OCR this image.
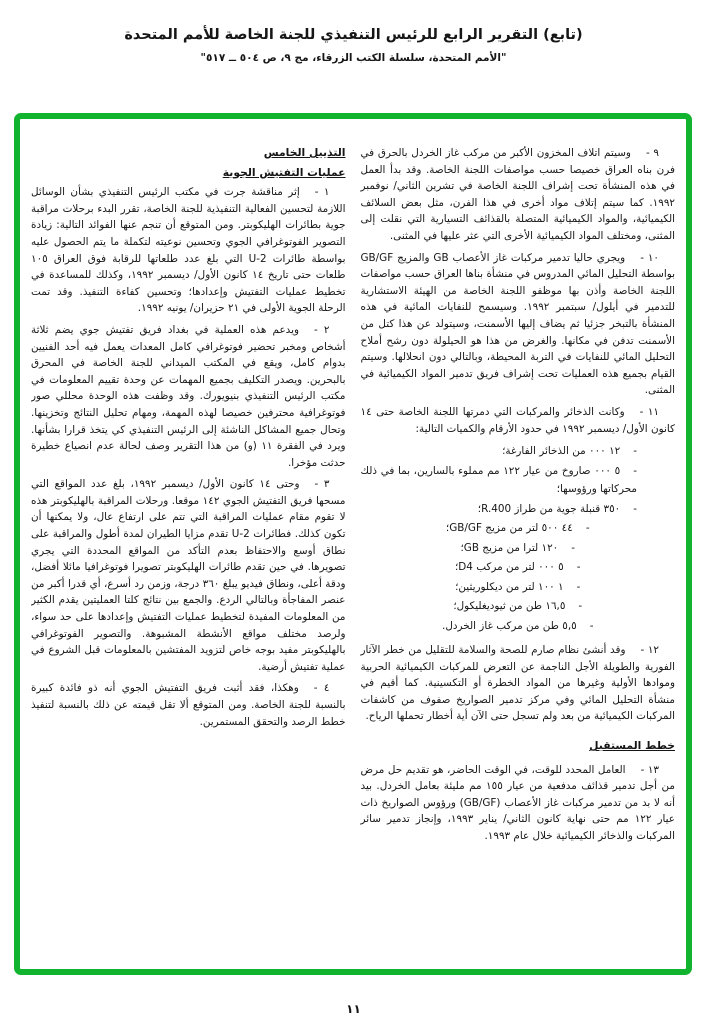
(تابع) التقرير الرابع للرئيس التنفيذي للجنة الخاصة للأمم المتحدة
"الأمم المتحدة، سلسلة الكتب الزرقاء، مج ٩، ص ٥٠٤ ــ ٥١٧"

٩ -وسيتم اتلاف المخزون الأكبر من مركب غاز الخردل بالحرق في فرن بناه العراق خصيصا حسب مواصفات اللجنة الخاصة. وقد بدأ العمل في هذه المنشأة تحت إشراف اللجنة الخاصة في تشرين الثاني/ نوفمبر ١٩٩٢. كما سيتم إتلاف مواد أخرى في هذا الفرن، مثل بعض السلائف الكيميائية، والمواد الكيميائية المتصلة بالقذائف التسيارية التي نقلت إلى المثنى، ومختلف المواد الكيميائية الأخرى التي عثر عليها في المثنى.

١٠ -ويجري حاليا تدمير مركبات غاز الأعصاب GB والمزيج GB/GF بواسطة التحليل المائي المدروس في منشأة بناها العراق حسب مواصفات اللجنة الخاصة وأذن بها موظفو اللجنة الخاصة من الهيئة الاستشارية للتدمير في أيلول/ سبتمبر ١٩٩٢. وسيسمح للنفايات المائية في هذه المنشأة بالتبخر جزئيا ثم يضاف إليها الأسمنت، وسيتولد عن هذا كتل من الأسمنت تدفن في مكانها. والغرض من هذا هو الحيلولة دون رشح أملاح التحليل المائي للنفايات في التربة المحيطة، وبالتالي دون انحلالها. وسيتم القيام بجميع هذه العمليات تحت إشراف فريق تدمير المواد الكيميائية في المثنى.

١١ -وكانت الذخائر والمركبات التي دمرتها اللجنة الخاصة حتى ١٤ كانون الأول/ ديسمبر ١٩٩٢ في حدود الأرقام والكميات التالية:

-١٢ ٠٠٠ من الذخائر الفارغة؛
-٥ ٠٠٠ صاروخ من عيار ١٢٢ مم مملوء بالسارين، بما في ذلك محركاتها ورؤوسها؛
-٣٥٠ قنبلة جوية من طراز R.400؛
-٤٤ ٥٠٠ لتر من مزيج GB/GF؛
-١٢٠ لترا من مزيج GB؛
-٥ ٠٠٠ لتر من مركب D4؛
-١ ١٠٠ لتر من ديكلوريثين؛
-١٦,٥ طن من ثيوديغليكول؛
-٥,٥ طن من مركب غاز الخردل.

١٢ -وقد أنشئ نظام صارم للصحة والسلامة للتقليل من خطر الآثار الفورية والطويلة الأجل الناجمة عن التعرض للمركبات الكيميائية الحربية وموادها الأولية وغيرها من المواد الخطرة أو التكسينية. كما أقيم في منشأة التحليل المائي وفي مركز تدمير الصواريخ صفوف من كاشفات المركبات الكيميائية من بعد ولم تسجل حتى الآن أية أخطار تحملها الرياح.

خطط المستقبل

١٣ -العامل المحدد للوقت، في الوقت الحاضر، هو تقديم حل مرض من أجل تدمير قذائف مدفعية من عيار ١٥٥ مم مليئة بعامل الخردل. بيد أنه لا بد من تدمير مركبات غاز الأعصاب (GB/GF) ورؤوس الصواريخ ذات عيار ١٢٢ مم حتى نهاية كانون الثاني/ يناير ١٩٩٣، وإنجاز تدمير سائر المركبات والذخائر الكيميائية خلال عام ١٩٩٣.

التذييل الخامس
عمليات التفتيش الجوية

١ -إثر مناقشة جرت في مكتب الرئيس التنفيذي بشأن الوسائل اللازمة لتحسين الفعالية التنفيذية للجنة الخاصة، تقرر البدء برحلات مراقبة جوية بطائرات الهليكوبتر. ومن المتوقع أن تنجم عنها الفوائد التالية: زيادة التصوير الفوتوغرافي الجوي وتحسين نوعيته لتكملة ما يتم الحصول عليه بواسطة طائرات U-2 التي بلغ عدد طلعاتها للرقابة فوق العراق ١٠٥ طلعات حتى تاريخ ١٤ كانون الأول/ ديسمبر ١٩٩٢، وكذلك للمساعدة في تخطيط عمليات التفتيش وإعدادها؛ وتحسين كفاءة التنفيذ. وقد تمت الرحلة الجوية الأولى في ٢١ حزيران/ يونيه ١٩٩٢.

٢ -ويدعم هذه العملية في بغداد فريق تفتيش جوي يضم ثلاثة أشخاص ومخبر تحضير فوتوغرافي كامل المعدات يعمل فيه أحد الفنيين بدوام كامل، ويقع في المكتب الميداني للجنة الخاصة في المحرق بالبحرين. ويصدر التكليف بجميع المهمات عن وحدة تقييم المعلومات في مكتب الرئيس التنفيذي بنيويورك. وقد وظفت هذه الوحدة محللي صور فوتوغرافية محترفين خصيصا لهذه المهمة، ومهام تحليل النتائج وتخزينها. وتحال جميع المشاكل الناشئة إلى الرئيس التنفيذي كي يتخذ قرارا بشأنها. ويرد في الفقرة ١١ (و) من هذا التقرير وصف لحالة عدم انصياع خطيرة حدثت مؤخرا.

٣ -وحتى ١٤ كانون الأول/ ديسمبر ١٩٩٢، بلغ عدد المواقع التي مسحها فريق التفتيش الجوي ١٤٢ موقعا. ورحلات المراقبة بالهليكوبتر هذه لا تقوم مقام عمليات المراقبة التي تتم على ارتفاع عال، ولا يمكنها أن تكون كذلك. فطائرات U-2 تقدم مزايا الطيران لمدة أطول والمراقبة على نطاق أوسع والاحتفاظ بعدم التأكد من المواقع المحددة التي يجري تصويرها. في حين تقدم طائرات الهليكوبتر تصويرا فوتوغرافيا مائلا أفضل، ودقة أعلى، ونطاق فيديو يبلغ ٣٦٠ درجة، وزمن رد أسرع، أي قدرا أكبر من عنصر المفاجأة وبالتالي الردع. والجمع بين نتائج كلتا العمليتين يقدم الكثير من المعلومات المفيدة لتخطيط عمليات التفتيش وإعدادها على حد سواء، ولرصد مختلف مواقع الأنشطة المشبوهة. والتصوير الفوتوغرافي بالهليكوبتر مفيد بوجه خاص لتزويد المفتشين بالمعلومات قبل الشروع في عملية تفتيش أرضية.

٤ -وهكذا، فقد أثبت فريق التفتيش الجوي أنه ذو فائدة كبيرة بالنسبة للجنة الخاصة. ومن المتوقع ألا تقل قيمته عن ذلك بالنسبة لتنفيذ خطط الرصد والتحقق المستمرين.

١١
